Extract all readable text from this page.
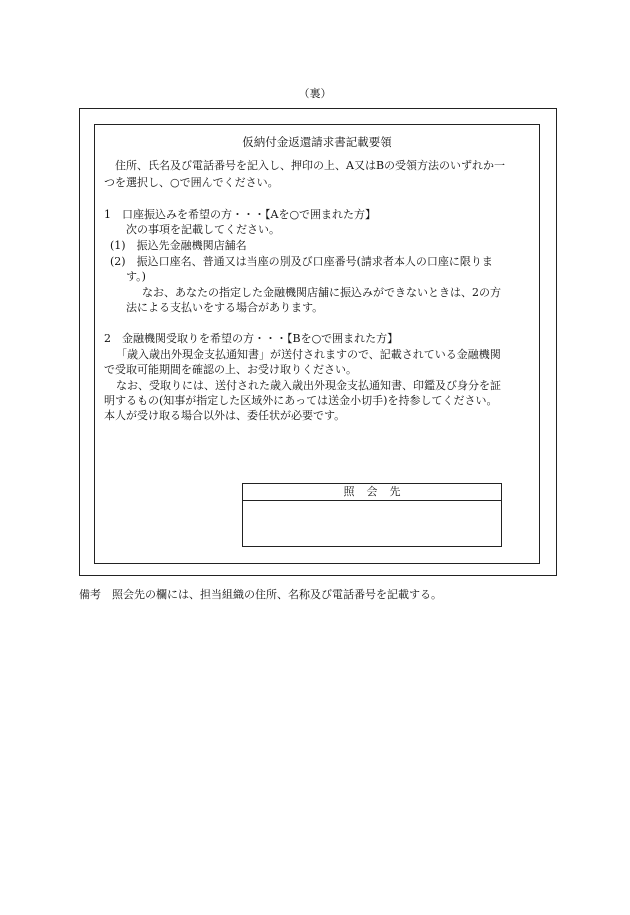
（裏）
仮納付金返還請求書記載要領

住所、氏名及び電話番号を記入し、押印の上、A又はBの受領方法のいずれか一

つを選択し、○で囲んでください。

1　口座振込みを希望の方・・・【Aを○で囲まれた方】

次の事項を記載してください。

(1)　振込先金融機関店舗名

(2)　振込口座名、普通又は当座の別及び口座番号(請求者本人の口座に限りま

す。)

なお、あなたの指定した金融機関店舗に振込みができないときは、2の方

法による支払いをする場合があります。

2　金融機関受取りを希望の方・・・【Bを○で囲まれた方】

「歳入歳出外現金支払通知書」が送付されますので、記載されている金融機関

で受取可能期間を確認の上、お受け取りください。

なお、受取りには、送付された歳入歳出外現金支払通知書、印鑑及び身分を証

明するもの(知事が指定した区域外にあっては送金小切手)を持参してください。

本人が受け取る場合以外は、委任状が必要です。

照会先
備考　照会先の欄には、担当組織の住所、名称及び電話番号を記載する。
